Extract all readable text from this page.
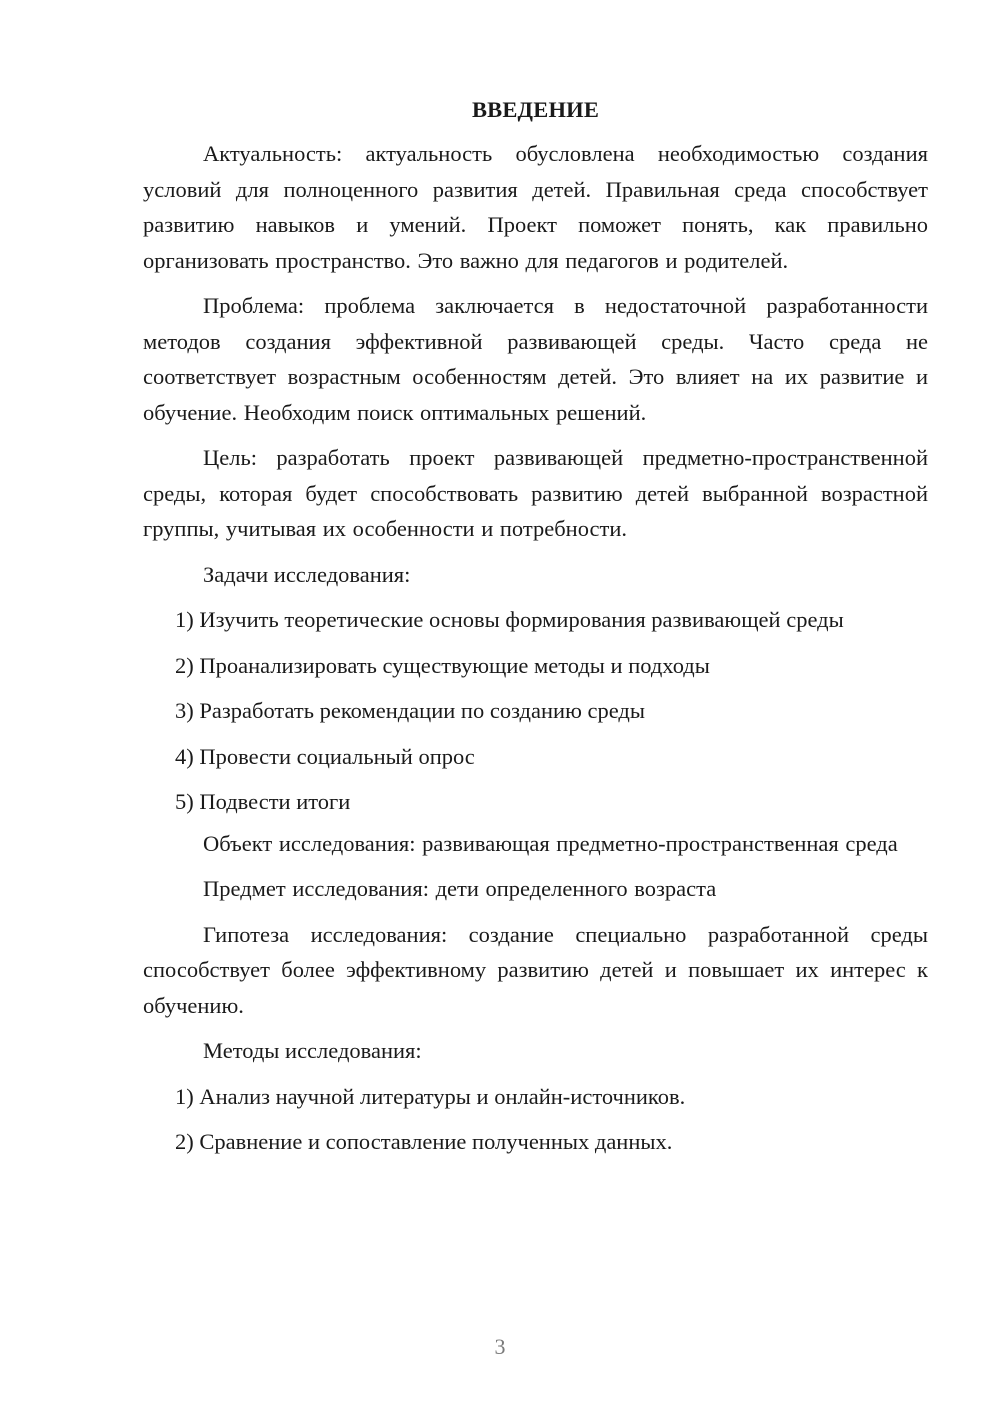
ВВЕДЕНИЕ

Актуальность: актуальность обусловлена необходимостью создания условий для полноценного развития детей. Правильная среда способствует развитию навыков и умений. Проект поможет понять, как правильно организовать пространство. Это важно для педагогов и родителей.

Проблема: проблема заключается в недостаточной разработанности методов создания эффективной развивающей среды. Часто среда не соответствует возрастным особенностям детей. Это влияет на их развитие и обучение. Необходим поиск оптимальных решений.

Цель: разработать проект развивающей предметно-пространственной среды, которая будет способствовать развитию детей выбранной возрастной группы, учитывая их особенности и потребности.

Задачи исследования:

1) Изучить теоретические основы формирования развивающей среды
2) Проанализировать существующие методы и подходы
3) Разработать рекомендации по созданию среды
4) Провести социальный опрос
5) Подвести итоги

Объект исследования: развивающая предметно-пространственная среда

Предмет исследования: дети определенного возраста

Гипотеза исследования: создание специально разработанной среды способствует более эффективному развитию детей и повышает их интерес к обучению.

Методы исследования:

1) Анализ научной литературы и онлайн-источников.
2) Сравнение и сопоставление полученных данных.
3
